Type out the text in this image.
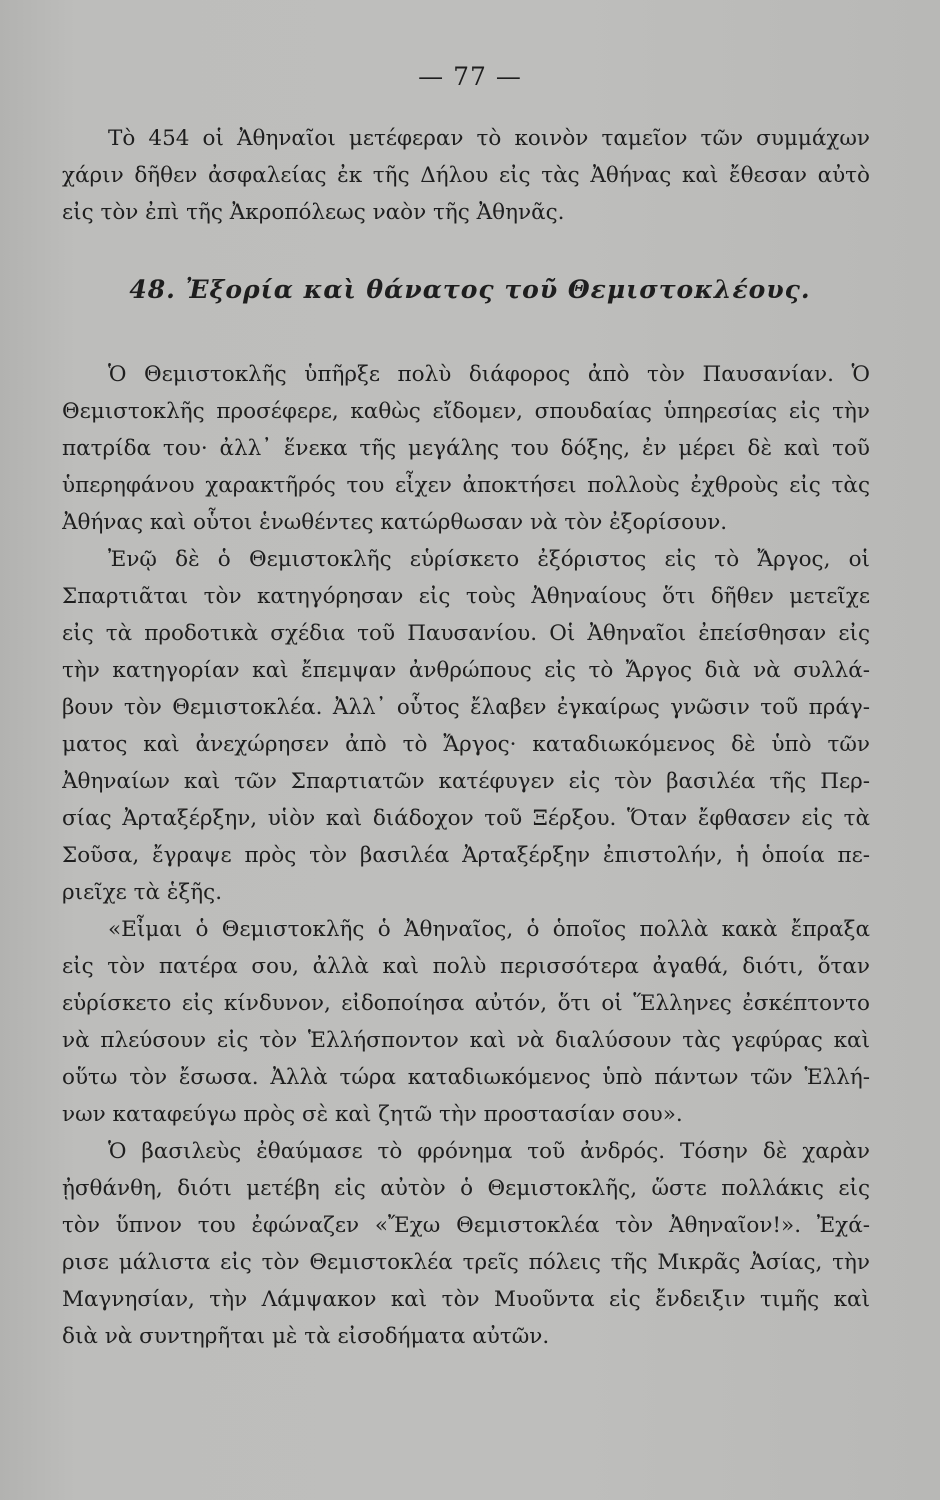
— 77 —
Τὸ 454 οἱ Ἀθηναῖοι μετέφεραν τὸ κοινὸν ταμεῖον τῶν συμμάχων
χάριν δῆθεν ἀσφαλείας ἐκ τῆς Δήλου εἰς τὰς Ἀθήνας καὶ ἔθεσαν αὐτὸ
εἰς τὸν ἐπὶ τῆς Ἀκροπόλεως ναὸν τῆς Ἀθηνᾶς.
48. Ἐξορία καὶ θάνατος τοῦ Θεμιστοκλέους.
Ὁ Θεμιστοκλῆς ὑπῆρξε πολὺ διάφορος ἀπὸ τὸν Παυσανίαν. Ὁ
Θεμιστοκλῆς προσέφερε, καθὼς εἴδομεν, σπουδαίας ὑπηρεσίας εἰς τὴν
πατρίδα του· ἀλλ᾽ ἕνεκα τῆς μεγάλης του δόξης, ἐν μέρει δὲ καὶ τοῦ
ὑπερηφάνου χαρακτῆρός του εἶχεν ἀποκτήσει πολλοὺς ἐχθροὺς εἰς τὰς
Ἀθήνας καὶ οὗτοι ἑνωθέντες κατώρθωσαν νὰ τὸν ἐξορίσουν.
Ἐνῷ δὲ ὁ Θεμιστοκλῆς εὑρίσκετο ἐξόριστος εἰς τὸ Ἄργος, οἱ
Σπαρτιᾶται τὸν κατηγόρησαν εἰς τοὺς Ἀθηναίους ὅτι δῆθεν μετεῖχε
εἰς τὰ προδοτικὰ σχέδια τοῦ Παυσανίου. Οἱ Ἀθηναῖοι ἐπείσθησαν εἰς
τὴν κατηγορίαν καὶ ἔπεμψαν ἀνθρώπους εἰς τὸ Ἄργος διὰ νὰ συλλά-
βουν τὸν Θεμιστοκλέα. Ἀλλ᾽ οὗτος ἔλαβεν ἐγκαίρως γνῶσιν τοῦ πράγ-
ματος καὶ ἀνεχώρησεν ἀπὸ τὸ Ἄργος· καταδιωκόμενος δὲ ὑπὸ τῶν
Ἀθηναίων καὶ τῶν Σπαρτιατῶν κατέφυγεν εἰς τὸν βασιλέα τῆς Περ-
σίας Ἀρταξέρξην, υἱὸν καὶ διάδοχον τοῦ Ξέρξου. Ὅταν ἔφθασεν εἰς τὰ
Σοῦσα, ἔγραψε πρὸς τὸν βασιλέα Ἀρταξέρξην ἐπιστολήν, ἡ ὁποία πε-
ριεῖχε τὰ ἑξῆς.
«Εἶμαι ὁ Θεμιστοκλῆς ὁ Ἀθηναῖος, ὁ ὁποῖος πολλὰ κακὰ ἔπραξα
εἰς τὸν πατέρα σου, ἀλλὰ καὶ πολὺ περισσότερα ἀγαθά, διότι, ὅταν
εὑρίσκετο εἰς κίνδυνον, εἰδοποίησα αὐτόν, ὅτι οἱ Ἕλληνες ἐσκέπτοντο
νὰ πλεύσουν εἰς τὸν Ἑλλήσποντον καὶ νὰ διαλύσουν τὰς γεφύρας καὶ
οὕτω τὸν ἔσωσα. Ἀλλὰ τώρα καταδιωκόμενος ὑπὸ πάντων τῶν Ἑλλή-
νων καταφεύγω πρὸς σὲ καὶ ζητῶ τὴν προστασίαν σου».
Ὁ βασιλεὺς ἐθαύμασε τὸ φρόνημα τοῦ ἀνδρός. Τόσην δὲ χαρὰν
ᾐσθάνθη, διότι μετέβη εἰς αὐτὸν ὁ Θεμιστοκλῆς, ὥστε πολλάκις εἰς
τὸν ὕπνον του ἐφώναζεν «Ἔχω Θεμιστοκλέα τὸν Ἀθηναῖον!». Ἐχά-
ρισε μάλιστα εἰς τὸν Θεμιστοκλέα τρεῖς πόλεις τῆς Μικρᾶς Ἀσίας, τὴν
Μαγνησίαν, τὴν Λάμψακον καὶ τὸν Μυοῦντα εἰς ἔνδειξιν τιμῆς καὶ
διὰ νὰ συντηρῆται μὲ τὰ εἰσοδήματα αὐτῶν.
